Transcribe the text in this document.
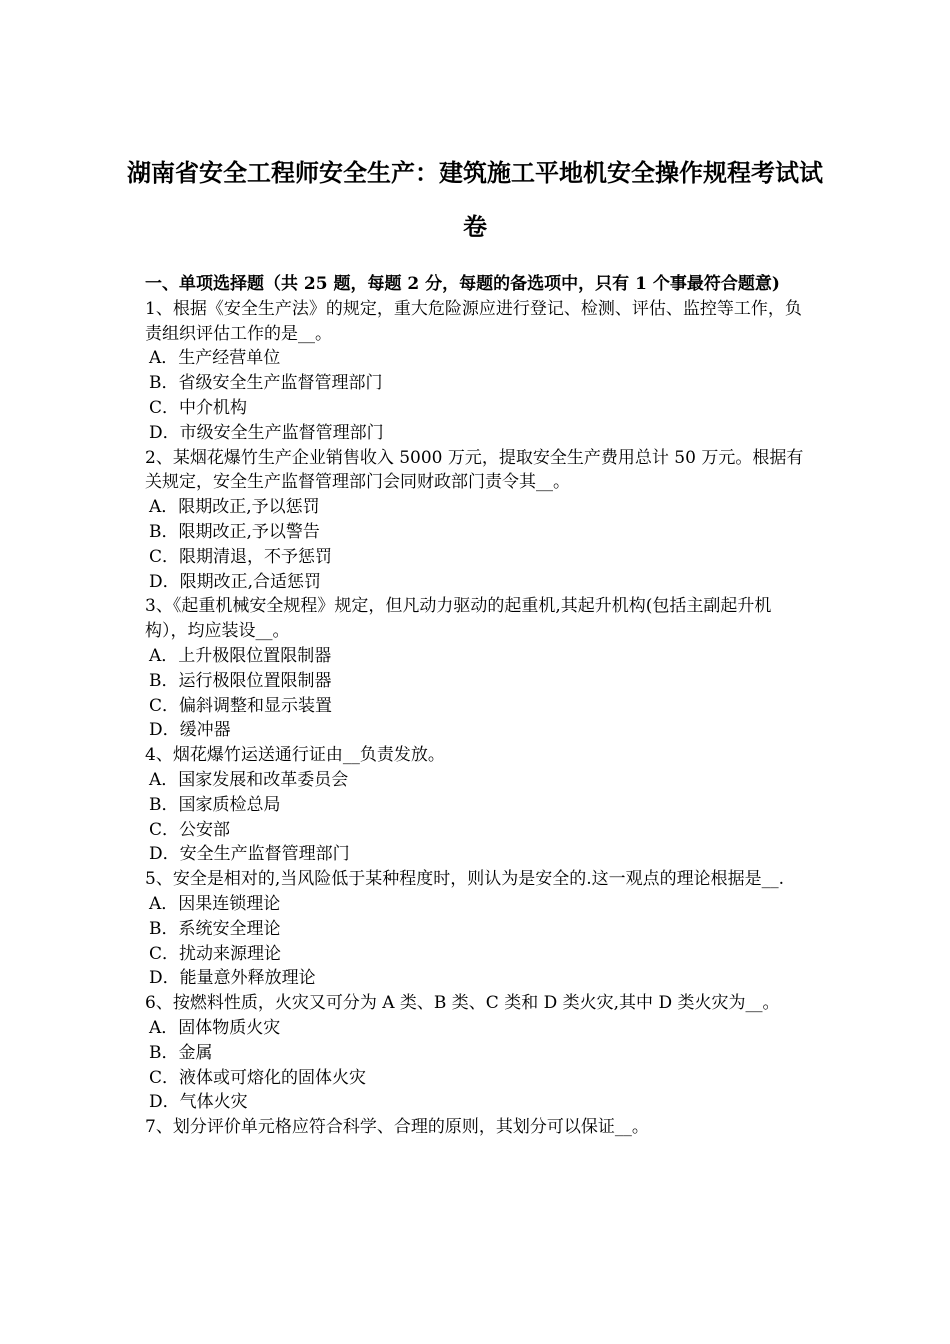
湖南省安全工程师安全生产：建筑施工平地机安全操作规程考试试卷

一、单项选择题（共 25 题，每题 2 分，每题的备选项中，只有 1 个事最符合题意)

1、根据《安全生产法》的规定，重大危险源应进行登记、检测、评估、监控等工作，负责组织评估工作的是__。

A．生产经营单位
B．省级安全生产监督管理部门
C．中介机构
D．市级安全生产监督管理部门

2、某烟花爆竹生产企业销售收入 5000 万元，提取安全生产费用总计 50 万元。根据有关规定，安全生产监督管理部门会同财政部门责令其__。

A．限期改正,予以惩罚
B．限期改正,予以警告
C．限期清退，不予惩罚
D．限期改正,合适惩罚

3、《起重机械安全规程》规定，但凡动力驱动的起重机,其起升机构(包括主副起升机构），均应装设__。

A．上升极限位置限制器
B．运行极限位置限制器
C．偏斜调整和显示装置
D．缓冲器

4、烟花爆竹运送通行证由__负责发放。

A．国家发展和改革委员会
B．国家质检总局
C．公安部
D．安全生产监督管理部门

5、安全是相对的,当风险低于某种程度时，则认为是安全的.这一观点的理论根据是__.

A．因果连锁理论
B．系统安全理论
C．扰动来源理论
D．能量意外释放理论

6、按燃料性质，火灾又可分为 A 类、B 类、C 类和 D 类火灾,其中 D 类火灾为__。

A．固体物质火灾
B．金属
C．液体或可熔化的固体火灾
D．气体火灾

7、划分评价单元格应符合科学、合理的原则，其划分可以保证__。
